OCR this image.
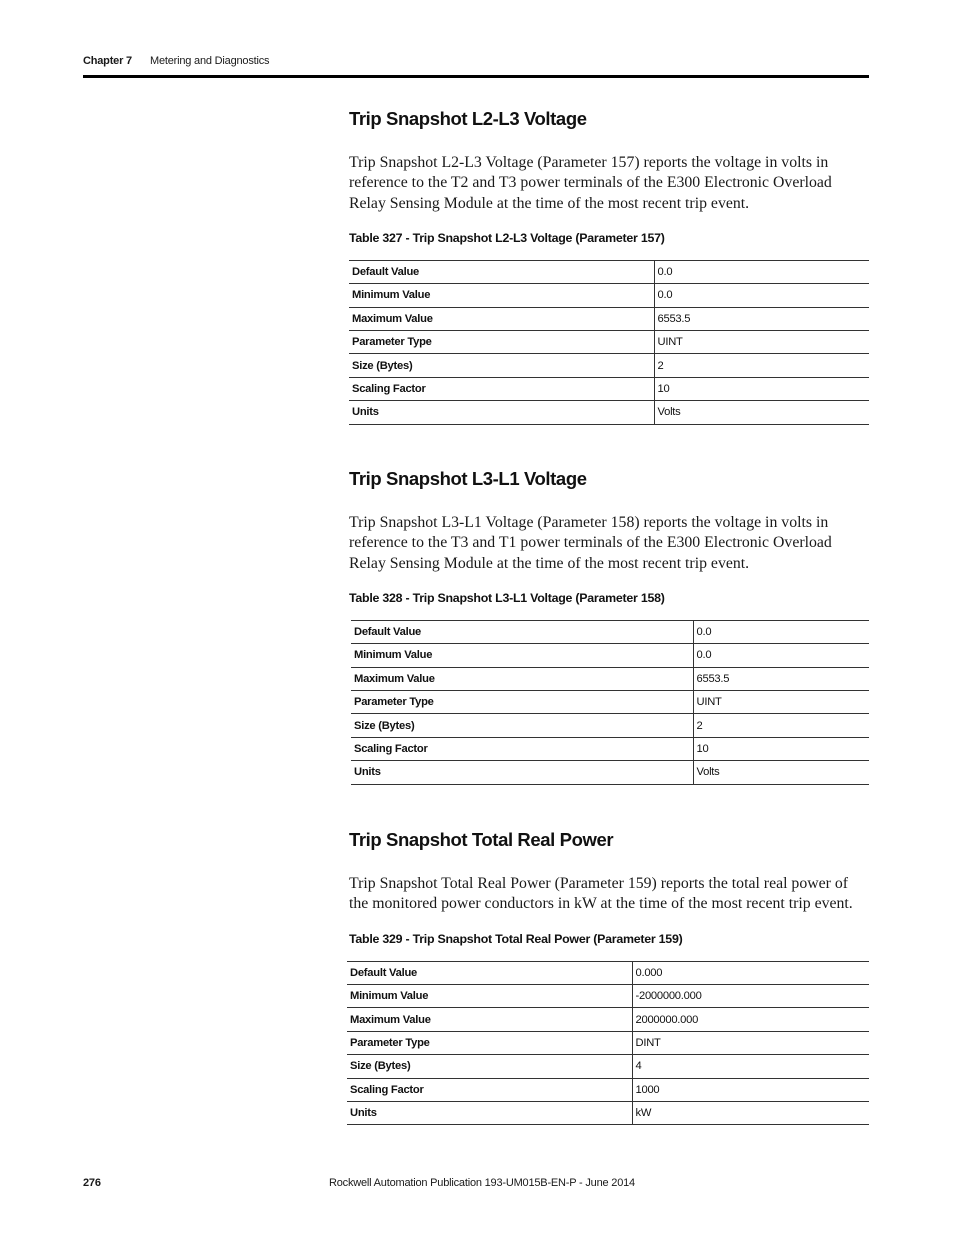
Chapter 7 Metering and Diagnostics
Trip Snapshot L2-L3 Voltage

Trip Snapshot L2-L3 Voltage (Parameter 157) reports the voltage in volts in reference to the T2 and T3 power terminals of the E300 Electronic Overload Relay Sensing Module at the time of the most recent trip event.

Table 327 - Trip Snapshot L2-L3 Voltage (Parameter 157)
Default Value	0.0
Minimum Value	0.0
Maximum Value	6553.5
Parameter Type	UINT
Size (Bytes)	2
Scaling Factor	10
Units	Volts
Trip Snapshot L3-L1 Voltage

Trip Snapshot L3-L1 Voltage (Parameter 158) reports the voltage in volts in reference to the T3 and T1 power terminals of the E300 Electronic Overload Relay Sensing Module at the time of the most recent trip event.

Table 328 - Trip Snapshot L3-L1 Voltage (Parameter 158)
Default Value	0.0
Minimum Value	0.0
Maximum Value	6553.5
Parameter Type	UINT
Size (Bytes)	2
Scaling Factor	10
Units	Volts
Trip Snapshot Total Real Power

Trip Snapshot Total Real Power (Parameter 159) reports the total real power of the monitored power conductors in kW at the time of the most recent trip event.

Table 329 - Trip Snapshot Total Real Power (Parameter 159)
Default Value	0.000
Minimum Value	-2000000.000
Maximum Value	2000000.000
Parameter Type	DINT
Size (Bytes)	4
Scaling Factor	1000
Units	kW
276	Rockwell Automation Publication 193-UM015B-EN-P - June 2014
